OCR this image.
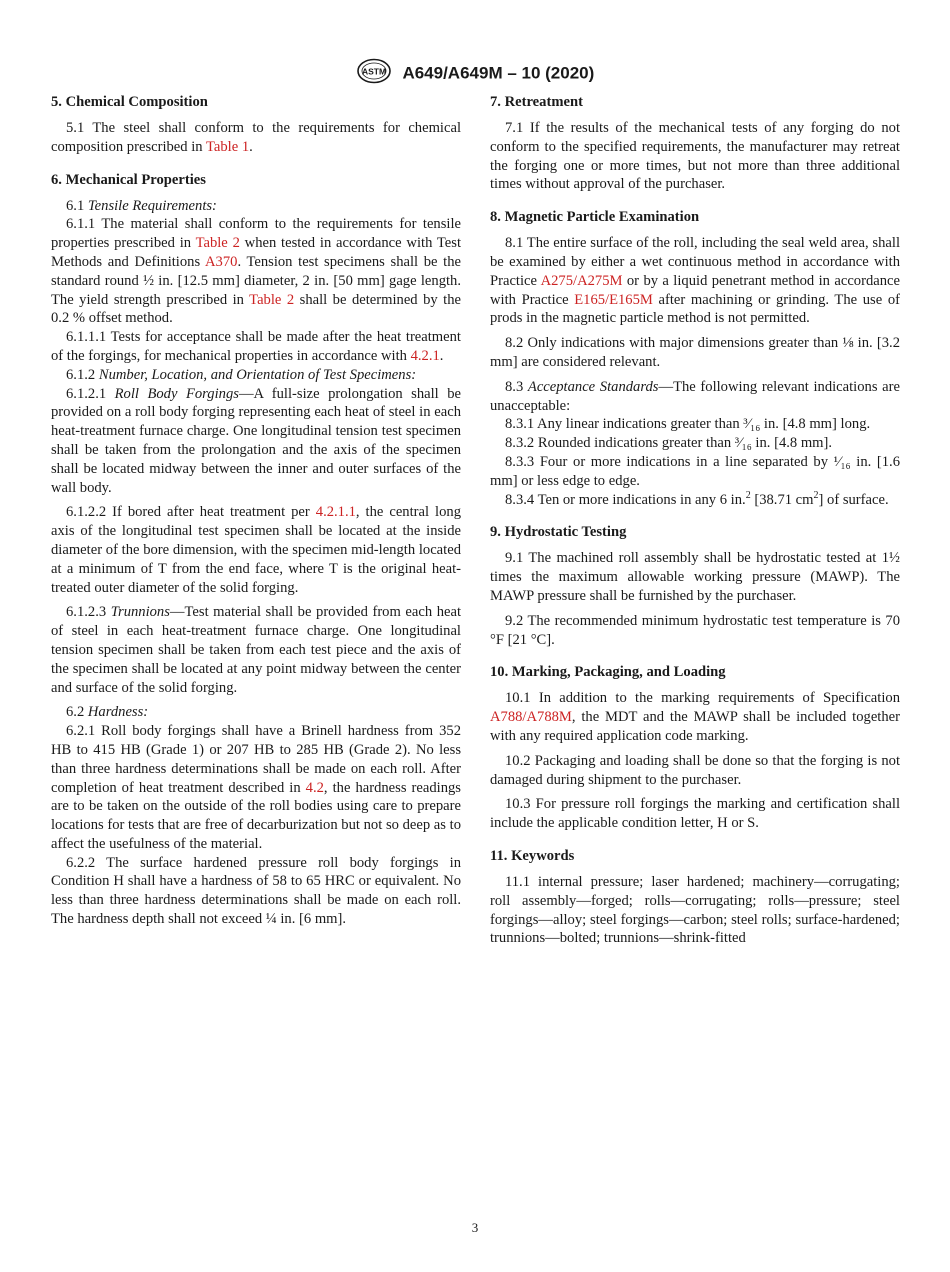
ASTM A649/A649M – 10 (2020)
5. Chemical Composition

5.1 The steel shall conform to the requirements for chemical composition prescribed in Table 1.

6. Mechanical Properties

6.1 Tensile Requirements:

6.1.1 The material shall conform to the requirements for tensile properties prescribed in Table 2 when tested in accordance with Test Methods and Definitions A370. Tension test specimens shall be the standard round ½ in. [12.5 mm] diameter, 2 in. [50 mm] gage length. The yield strength prescribed in Table 2 shall be determined by the 0.2 % offset method.

6.1.1.1 Tests for acceptance shall be made after the heat treatment of the forgings, for mechanical properties in accordance with 4.2.1.

6.1.2 Number, Location, and Orientation of Test Specimens:

6.1.2.1 Roll Body Forgings—A full-size prolongation shall be provided on a roll body forging representing each heat of steel in each heat-treatment furnace charge. One longitudinal tension test specimen shall be taken from the prolongation and the axis of the specimen shall be located midway between the inner and outer surfaces of the wall body.

6.1.2.2 If bored after heat treatment per 4.2.1.1, the central long axis of the longitudinal test specimen shall be located at the inside diameter of the bore dimension, with the specimen mid-length located at a minimum of T from the end face, where T is the original heat-treated outer diameter of the solid forging.

6.1.2.3 Trunnions—Test material shall be provided from each heat of steel in each heat-treatment furnace charge. One longitudinal tension specimen shall be taken from each test piece and the axis of the specimen shall be located at any point midway between the center and surface of the solid forging.

6.2 Hardness:

6.2.1 Roll body forgings shall have a Brinell hardness from 352 HB to 415 HB (Grade 1) or 207 HB to 285 HB (Grade 2). No less than three hardness determinations shall be made on each roll. After completion of heat treatment described in 4.2, the hardness readings are to be taken on the outside of the roll bodies using care to prepare locations for tests that are free of decarburization but not so deep as to affect the usefulness of the material.

6.2.2 The surface hardened pressure roll body forgings in Condition H shall have a hardness of 58 to 65 HRC or equivalent. No less than three hardness determinations shall be made on each roll. The hardness depth shall not exceed ¼ in. [6 mm].

7. Retreatment

7.1 If the results of the mechanical tests of any forging do not conform to the specified requirements, the manufacturer may retreat the forging one or more times, but not more than three additional times without approval of the purchaser.

8. Magnetic Particle Examination

8.1 The entire surface of the roll, including the seal weld area, shall be examined by either a wet continuous method in accordance with Practice A275/A275M or by a liquid penetrant method in accordance with Practice E165/E165M after machining or grinding. The use of prods in the magnetic particle method is not permitted.

8.2 Only indications with major dimensions greater than ⅛ in. [3.2 mm] are considered relevant.

8.3 Acceptance Standards—The following relevant indications are unacceptable:

8.3.1 Any linear indications greater than ³⁄₁₆ in. [4.8 mm] long.

8.3.2 Rounded indications greater than ³⁄₁₆ in. [4.8 mm].

8.3.3 Four or more indications in a line separated by ¹⁄₁₆ in. [1.6 mm] or less edge to edge.

8.3.4 Ten or more indications in any 6 in.$^2$ [38.71 $cm^2$] of surface.

9. Hydrostatic Testing

9.1 The machined roll assembly shall be hydrostatic tested at 1½ times the maximum allowable working pressure (MAWP). The MAWP pressure shall be furnished by the purchaser.

9.2 The recommended minimum hydrostatic test temperature is 70 °F [21 °C].

10. Marking, Packaging, and Loading

10.1 In addition to the marking requirements of Specification A788/A788M, the MDT and the MAWP shall be included together with any required application code marking.

10.2 Packaging and loading shall be done so that the forging is not damaged during shipment to the purchaser.

10.3 For pressure roll forgings the marking and certification shall include the applicable condition letter, H or S.

11. Keywords

11.1 internal pressure; laser hardened; machinery—corrugating; roll assembly—forged; rolls—corrugating; rolls—pressure; steel forgings—alloy; steel forgings—carbon; steel rolls; surface-hardened; trunnions—bolted; trunnions—shrink-fitted

3
